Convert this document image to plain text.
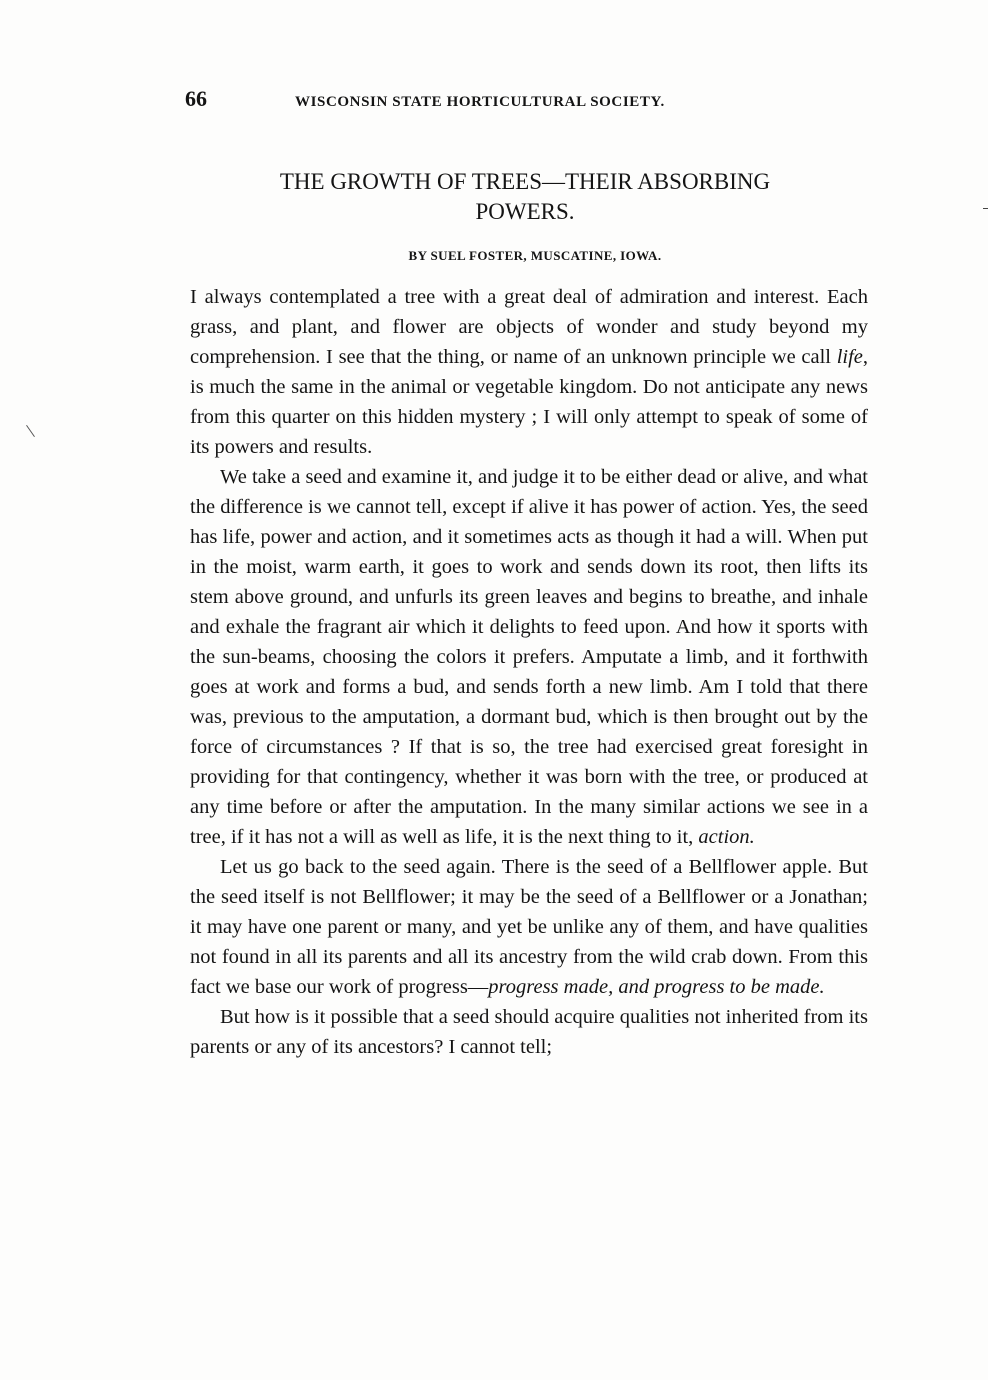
66	WISCONSIN STATE HORTICULTURAL SOCIETY.
THE GROWTH OF TREES—THEIR ABSORBING
POWERS.
BY SUEL FOSTER, MUSCATINE, IOWA.

I always contemplated a tree with a great deal of admiration and interest. Each grass, and plant, and flower are objects of wonder and study beyond my comprehension. I see that the thing, or name of an unknown principle we call life, is much the same in the animal or vegetable kingdom. Do not anticipate any news from this quarter on this hidden mystery ; I will only attempt to speak of some of its powers and results.

We take a seed and examine it, and judge it to be either dead or alive, and what the difference is we cannot tell, except if alive it has power of action. Yes, the seed has life, power and action, and it sometimes acts as though it had a will. When put in the moist, warm earth, it goes to work and sends down its root, then lifts its stem above ground, and unfurls its green leaves and begins to breathe, and inhale and exhale the fragrant air which it delights to feed upon. And how it sports with the sun-beams, choosing the colors it prefers. Amputate a limb, and it forthwith goes at work and forms a bud, and sends forth a new limb. Am I told that there was, previous to the amputation, a dormant bud, which is then brought out by the force of circumstances ? If that is so, the tree had exercised great foresight in providing for that contingency, whether it was born with the tree, or produced at any time before or after the amputation. In the many similar actions we see in a tree, if it has not a will as well as life, it is the next thing to it, action.

Let us go back to the seed again. There is the seed of a Bellflower apple. But the seed itself is not Bellflower; it may be the seed of a Bellflower or a Jonathan; it may have one parent or many, and yet be unlike any of them, and have qualities not found in all its parents and all its ancestry from the wild crab down. From this fact we base our work of progress—progress made, and progress to be made.

But how is it possible that a seed should acquire qualities not inherited from its parents or any of its ancestors? I cannot tell;
